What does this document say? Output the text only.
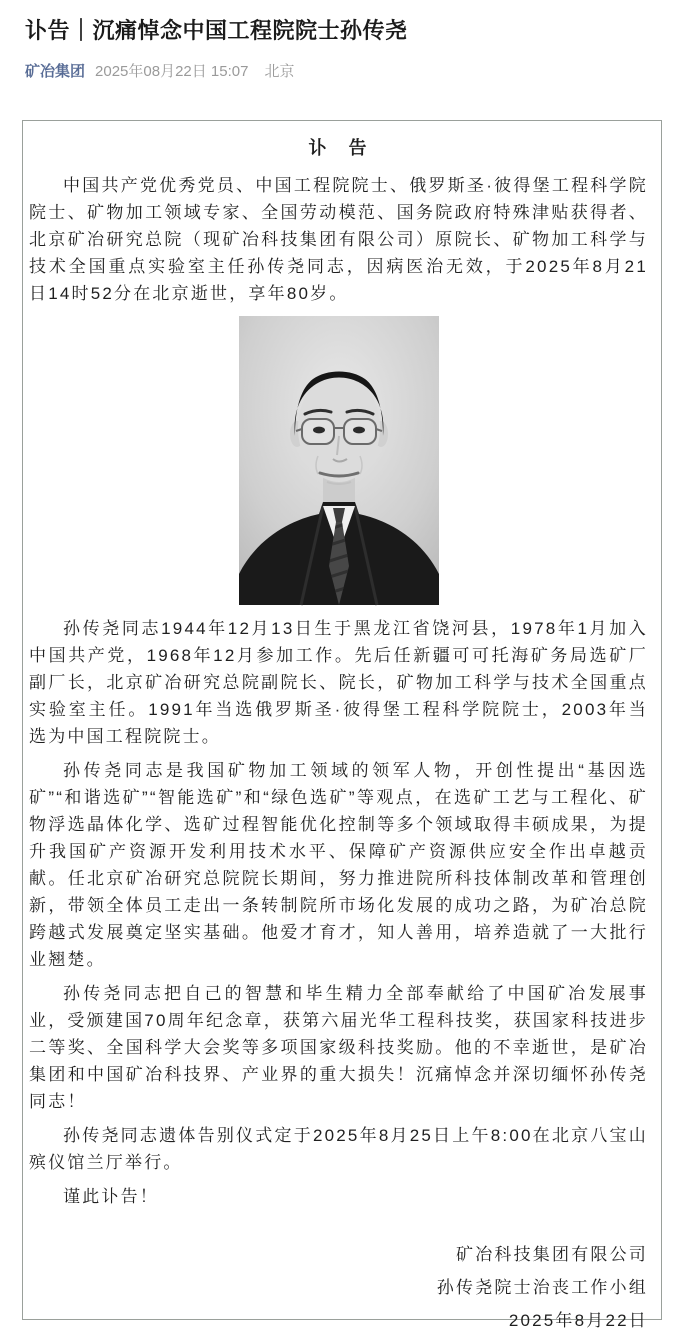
讣告｜沉痛悼念中国工程院院士孙传尧
矿冶集团 2025年08月22日 15:07 北京
讣　告

中国共产党优秀党员、中国工程院院士、俄罗斯圣·彼得堡工程科学院院士、矿物加工领域专家、全国劳动模范、国务院政府特殊津贴获得者、北京矿冶研究总院（现矿冶科技集团有限公司）原院长、矿物加工科学与技术全国重点实验室主任孙传尧同志，因病医治无效，于2025年8月21日14时52分在北京逝世，享年80岁。

孙传尧同志1944年12月13日生于黑龙江省饶河县，1978年1月加入中国共产党，1968年12月参加工作。先后任新疆可可托海矿务局选矿厂副厂长，北京矿冶研究总院副院长、院长，矿物加工科学与技术全国重点实验室主任。1991年当选俄罗斯圣·彼得堡工程科学院院士，2003年当选为中国工程院院士。

孙传尧同志是我国矿物加工领域的领军人物，开创性提出“基因选矿”“和谐选矿”“智能选矿”和“绿色选矿”等观点，在选矿工艺与工程化、矿物浮选晶体化学、选矿过程智能优化控制等多个领域取得丰硕成果，为提升我国矿产资源开发利用技术水平、保障矿产资源供应安全作出卓越贡献。任北京矿冶研究总院院长期间，努力推进院所科技体制改革和管理创新，带领全体员工走出一条转制院所市场化发展的成功之路，为矿冶总院跨越式发展奠定坚实基础。他爱才育才，知人善用，培养造就了一大批行业翘楚。

孙传尧同志把自己的智慧和毕生精力全部奉献给了中国矿冶发展事业，受颁建国70周年纪念章，获第六届光华工程科技奖，获国家科技进步二等奖、全国科学大会奖等多项国家级科技奖励。他的不幸逝世，是矿冶集团和中国矿冶科技界、产业界的重大损失！沉痛悼念并深切缅怀孙传尧同志！

孙传尧同志遗体告别仪式定于2025年8月25日上午8:00在北京八宝山殡仪馆兰厅举行。

谨此讣告！

矿冶科技集团有限公司
孙传尧院士治丧工作小组
2025年8月22日
